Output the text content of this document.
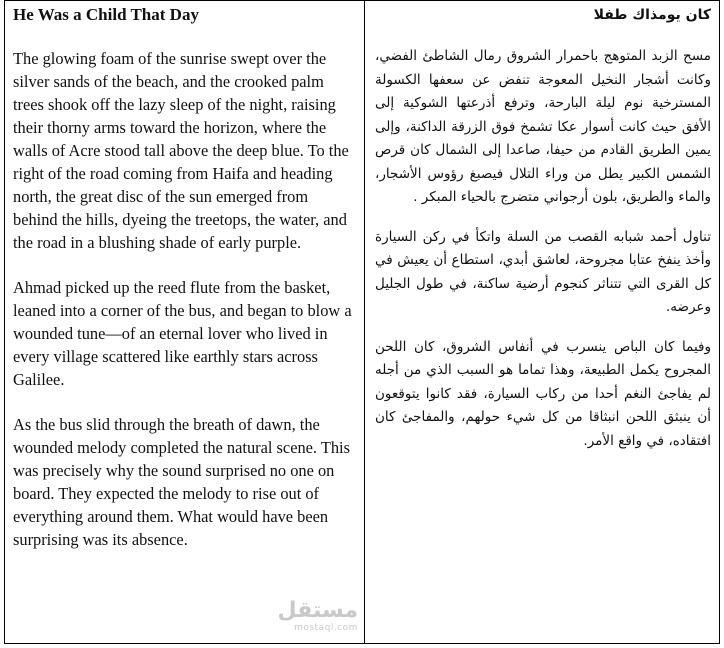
He Was a Child That Day

The glowing foam of the sunrise swept over the silver sands of the beach, and the crooked palm trees shook off the lazy sleep of the night, raising their thorny arms toward the horizon, where the walls of Acre stood tall above the deep blue. To the right of the road coming from Haifa and heading north, the great disc of the sun emerged from behind the hills, dyeing the treetops, the water, and the road in a blushing shade of early purple.

Ahmad picked up the reed flute from the basket, leaned into a corner of the bus, and began to blow a wounded tune—of an eternal lover who lived in every village scattered like earthly stars across Galilee.

As the bus slid through the breath of dawn, the wounded melody completed the natural scene. This was precisely why the sound surprised no one on board. They expected the melody to rise out of everything around them. What would have been surprising was its absence.

مستقل
mostaql.com
كان يومذاك طفلا

مسح الزبد المتوهج باحمرار الشروق رمال الشاطئ الفضي، وكانت أشجار النخيل المعوجة تنفض عن سعفها الكسولة المسترخية نوم ليلة البارحة، وترفع أذرعتها الشوكية إلى الأفق حيث كانت أسوار عكا تشمخ فوق الزرقة الداكنة، وإلى يمين الطريق القادم من حيفا، صاعدا إلى الشمال كان قرص الشمس الكبير يطل من وراء التلال فيصبغ رؤوس الأشجار، والماء والطريق، بلون أرجواني متضرج بالحياء المبكر .

تناول أحمد شبابه القصب من السلة واتكأ في ركن السيارة وأخذ ينفخ عتابا مجروحة، لعاشق أبدي، استطاع أن يعيش في كل القرى التي تتناثر كنجوم أرضية ساكنة، في طول الجليل وعرضه.

وفيما كان الباص ينسرب في أنفاس الشروق، كان اللحن المجروح يكمل الطبيعة، وهذا تماما هو السبب الذي من أجله لم يفاجئ النغم أحدا من ركاب السيارة، فقد كانوا يتوقعون أن ينبثق اللحن انبثاقا من كل شيء حولهم، والمفاجئ كان افتقاده، في واقع الأمر.
